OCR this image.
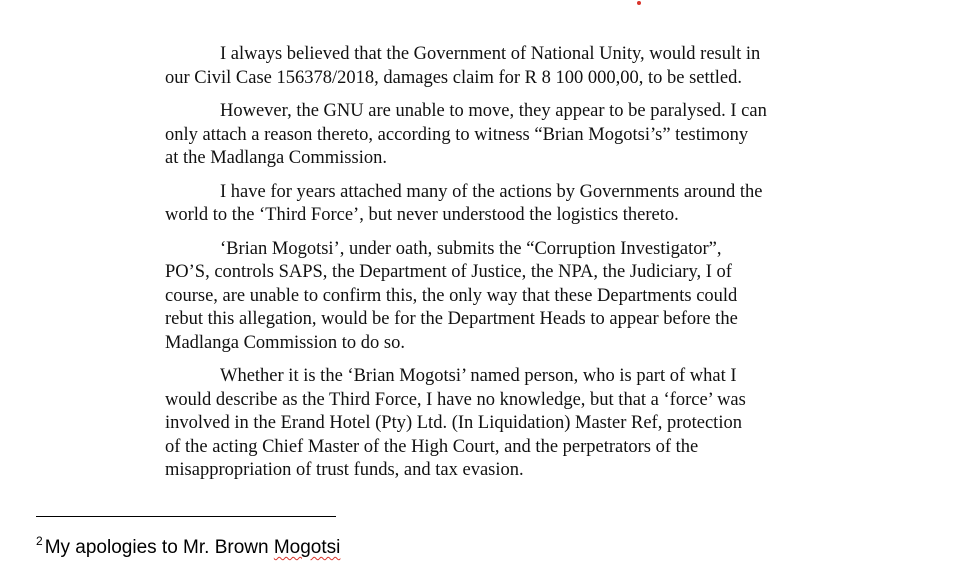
I always believed that the Government of National Unity, would result in
our Civil Case 156378/2018, damages claim for R 8 100 000,00, to be settled.

However, the GNU are unable to move, they appear to be paralysed. I can
only attach a reason thereto, according to witness “Brian Mogotsi’s” testimony
at the Madlanga Commission.

I have for years attached many of the actions by Governments around the
world to the ‘Third Force’, but never understood the logistics thereto.

‘Brian Mogotsi’, under oath, submits the “Corruption Investigator”,
PO’S, controls SAPS, the Department of Justice, the NPA, the Judiciary, I of
course, are unable to confirm this, the only way that these Departments could
rebut this allegation, would be for the Department Heads to appear before the
Madlanga Commission to do so.

Whether it is the ‘Brian Mogotsi’ named person, who is part of what I
would describe as the Third Force, I have no knowledge, but that a ‘force’ was
involved in the Erand Hotel (Pty) Ltd. (In Liquidation) Master Ref, protection
of the acting Chief Master of the High Court, and the perpetrators of the
misappropriation of trust funds, and tax evasion.

$^2$ My apologies to Mr. Brown Mogotsi
